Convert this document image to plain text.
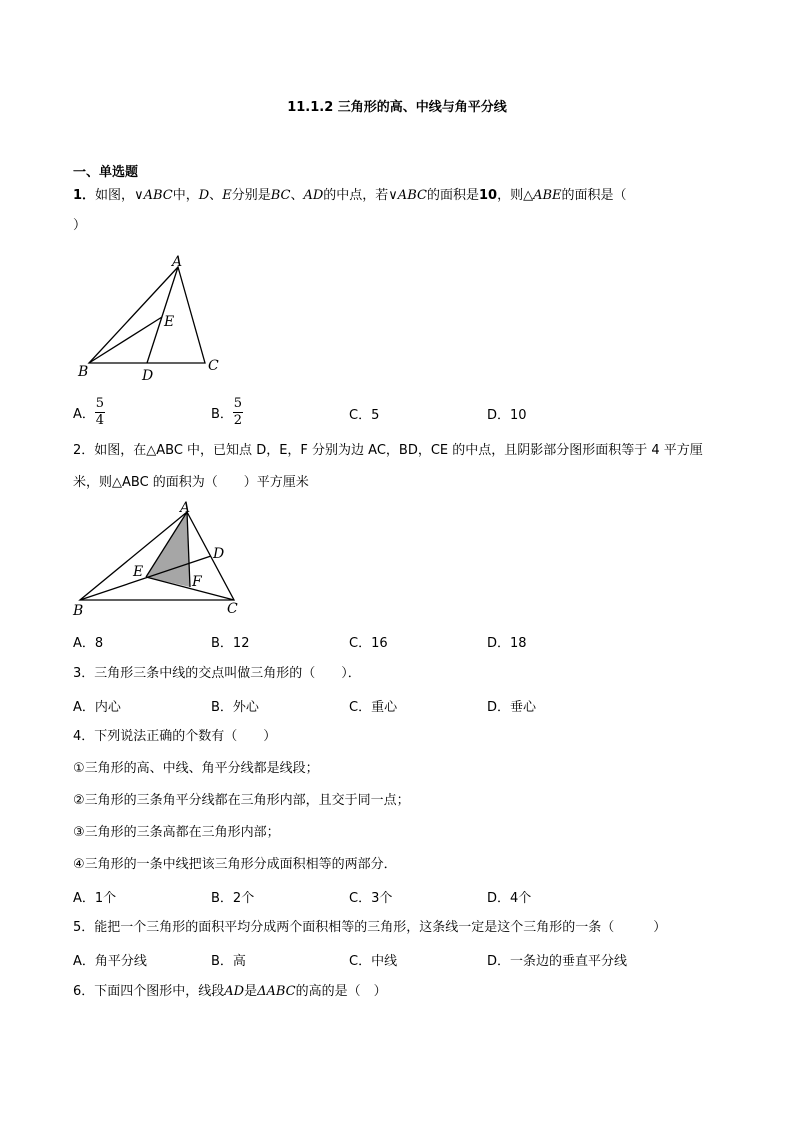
11.1.2 三角形的高、中线与角平分线
一、单选题
1．如图，∨ABC中，D、E分别是BC、AD的中点，若∨ABC的面积是10，则△ABE的面积是（
）
A
B	C
D
E
A． $\frac{5}{4}$	B． $\frac{5}{2}$	C．5	D．10
2．如图，在△ABC 中，已知点 D，E，F 分别为边 AC，BD，CE 的中点，且阴影部分图形面积等于 4 平方厘
米，则△ABC 的面积为（　　）平方厘米
A
B	C
D
E
F
A．8	B．12	C．16	D．18
3．三角形三条中线的交点叫做三角形的（　　）．
A．内心	B．外心	C．重心	D．垂心
4．下列说法正确的个数有（　　）
①三角形的高、中线、角平分线都是线段；
②三角形的三条角平分线都在三角形内部，且交于同一点；
③三角形的三条高都在三角形内部；
④三角形的一条中线把该三角形分成面积相等的两部分．
A．1个	B．2个	C．3个	D．4个
5．能把一个三角形的面积平均分成两个面积相等的三角形，这条线一定是这个三角形的一条（　　　）
A．角平分线	B．高	C．中线	D．一条边的垂直平分线
6．下面四个图形中，线段AD是ΔABC的高的是（　）
